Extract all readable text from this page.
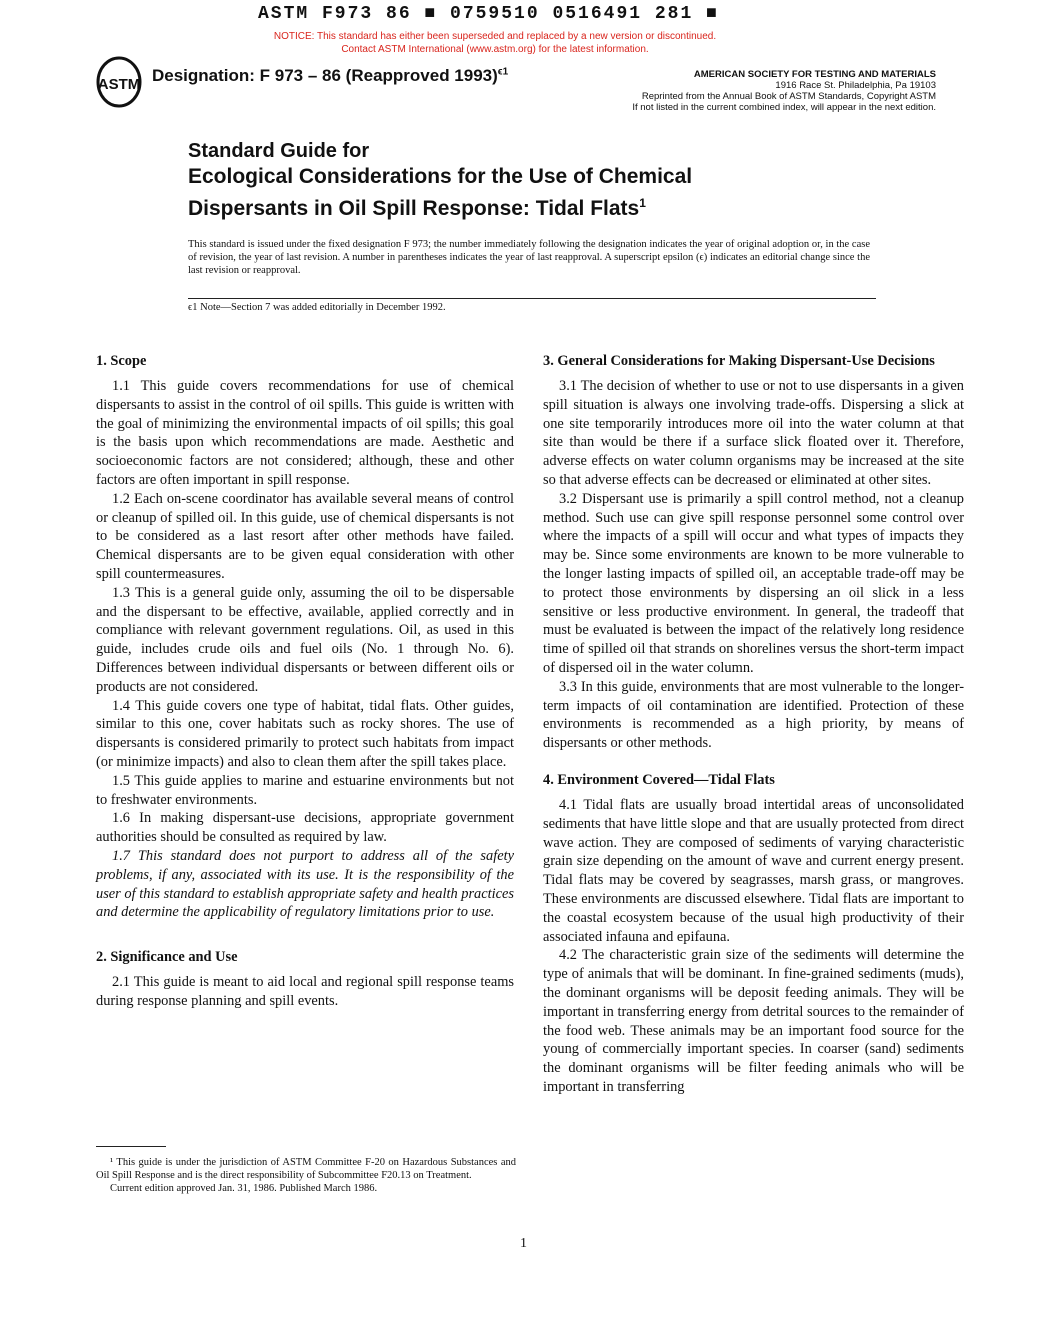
ASTM F973 86 ■ 0759510 0516491 281 ■
NOTICE: This standard has either been superseded and replaced by a new version or discontinued.
Contact ASTM International (www.astm.org) for the latest information.
ASTM Designation: F 973 – 86 (Reapproved 1993)$^{\epsilon 1}$	AMERICAN SOCIETY FOR TESTING AND MATERIALS
1916 Race St. Philadelphia, Pa 19103
Reprinted from the Annual Book of ASTM Standards, Copyright ASTM
If not listed in the current combined index, will appear in the next edition.
Standard Guide for
Ecological Considerations for the Use of Chemical
Dispersants in Oil Spill Response: Tidal Flats$^1$
This standard is issued under the fixed designation F 973; the number immediately following the designation indicates the year of original adoption or, in the case of revision, the year of last revision. A number in parentheses indicates the year of last reapproval. A superscript epsilon (ϵ) indicates an editorial change since the last revision or reapproval.
ϵ1 Note—Section 7 was added editorially in December 1992.
1. Scope

1.1 This guide covers recommendations for use of chemical dispersants to assist in the control of oil spills. This guide is written with the goal of minimizing the environmental impacts of oil spills; this goal is the basis upon which recommendations are made. Aesthetic and socioeconomic factors are not considered; although, these and other factors are often important in spill response.

1.2 Each on-scene coordinator has available several means of control or cleanup of spilled oil. In this guide, use of chemical dispersants is not to be considered as a last resort after other methods have failed. Chemical dispersants are to be given equal consideration with other spill countermeasures.

1.3 This is a general guide only, assuming the oil to be dispersable and the dispersant to be effective, available, applied correctly and in compliance with relevant government regulations. Oil, as used in this guide, includes crude oils and fuel oils (No. 1 through No. 6). Differences between individual dispersants or between different oils or products are not considered.

1.4 This guide covers one type of habitat, tidal flats. Other guides, similar to this one, cover habitats such as rocky shores. The use of dispersants is considered primarily to protect such habitats from impact (or minimize impacts) and also to clean them after the spill takes place.

1.5 This guide applies to marine and estuarine environments but not to freshwater environments.

1.6 In making dispersant-use decisions, appropriate government authorities should be consulted as required by law.

1.7 This standard does not purport to address all of the safety problems, if any, associated with its use. It is the responsibility of the user of this standard to establish appropriate safety and health practices and determine the applicability of regulatory limitations prior to use.

2. Significance and Use

2.1 This guide is meant to aid local and regional spill response teams during response planning and spill events.

3. General Considerations for Making Dispersant-Use Decisions

3.1 The decision of whether to use or not to use dispersants in a given spill situation is always one involving trade-offs. Dispersing a slick at one site temporarily introduces more oil into the water column at that site than would be there if a surface slick floated over it. Therefore, adverse effects on water column organisms may be increased at the site so that adverse effects can be decreased or eliminated at other sites.

3.2 Dispersant use is primarily a spill control method, not a cleanup method. Such use can give spill response personnel some control over where the impacts of a spill will occur and what types of impacts they may be. Since some environments are known to be more vulnerable to the longer lasting impacts of spilled oil, an acceptable trade-off may be to protect those environments by dispersing an oil slick in a less sensitive or less productive environment. In general, the tradeoff that must be evaluated is between the impact of the relatively long residence time of spilled oil that strands on shorelines versus the short-term impact of dispersed oil in the water column.

3.3 In this guide, environments that are most vulnerable to the longer-term impacts of oil contamination are identified. Protection of these environments is recommended as a high priority, by means of dispersants or other methods.

4. Environment Covered—Tidal Flats

4.1 Tidal flats are usually broad intertidal areas of unconsolidated sediments that have little slope and that are usually protected from direct wave action. They are composed of sediments of varying characteristic grain size depending on the amount of wave and current energy present. Tidal flats may be covered by seagrasses, marsh grass, or mangroves. These environments are discussed elsewhere. Tidal flats are important to the coastal ecosystem because of the usual high productivity of their associated infauna and epifauna.

4.2 The characteristic grain size of the sediments will determine the type of animals that will be dominant. In fine-grained sediments (muds), the dominant organisms will be deposit feeding animals. They will be important in transferring energy from detrital sources to the remainder of the food web. These animals may be an important food source for the young of commercially important species. In coarser (sand) sediments the dominant organisms will be filter feeding animals who will be important in transferring

¹ This guide is under the jurisdiction of ASTM Committee F-20 on Hazardous Substances and Oil Spill Response and is the direct responsibility of Subcommittee F20.13 on Treatment.

Current edition approved Jan. 31, 1986. Published March 1986.

1
